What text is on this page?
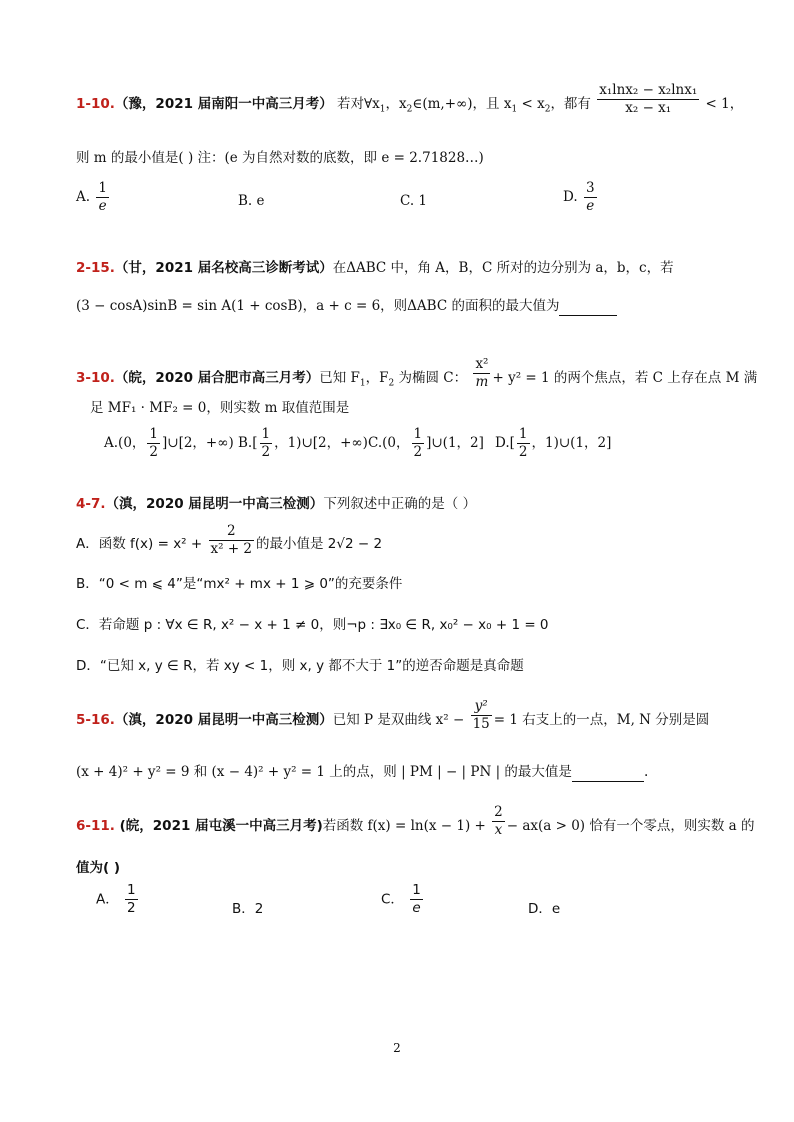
1-10.（豫，2021 届南阳一中高三月考） 若对$\forall x_1$，$x_2\in(m,+\infty)$，且 $x_1 < x_2$，都有 $\frac{\text{x₁lnx₂ − x₂lnx₁}}{\text{x₂ − x₁}} < 1$，
则 m 的最小值是( ) 注：(e 为自然对数的底数，即 e = 2.71828…)
A. $\frac{1}{e}$	B. e	C. 1	D. $\frac{3}{e}$
2-15.（甘，2021 届名校高三诊断考试）在ΔABC 中，角 A，B，C 所对的边分别为 a，b，c，若
(3 − cosA)sinB = sin A(1 + cosB)，a + c = 6，则ΔABC 的面积的最大值为
3-10.（皖，2020 届合肥市高三月考）已知 $F_1$，$F_2$ 为椭圆 C： $\frac{\text{x²}}{m} + y^2 = 1$ 的两个焦点，若 C 上存在点 M 满
足 MF₁ · MF₂ = 0，则实数 m 取值范围是
A.(0， $\frac{1}{2}$ ]∪[2，+∞) $B.[ \frac{1}{2}$ ，1)∪[2，+∞) C.(0， $\frac{1}{2}$ ]∪(1，2] $D.[ \frac{1}{2}$ ，1)∪(1，2]
4-7.（滇，2020 届昆明一中高三检测）下列叙述中正确的是（ ）
A．函数 $f(x) = x^2 + \frac{2}{\text{x² + 2}}$ 的最小值是 2√2 − 2
B．“0 < m ⩽ 4”是“mx² + mx + 1 ⩾ 0”的充要条件
C．若命题 p : ∀x ∈ R, x² − x + 1 ≠ 0，则¬p : ∃x₀ ∈ R, x₀² − x₀ + 1 = 0
D．“已知 x, y ∈ R，若 xy < 1，则 x, y 都不大于 1”的逆否命题是真命题
5-16.（滇，2020 届昆明一中高三检测）已知 P 是双曲线 $x^2 - \frac{\text{y²}}{15} = 1$ 右支上的一点，M, N 分别是圆
(x + 4)² + y² = 9 和 (x − 4)² + y² = 1 上的点，则 | PM | − | PN | 的最大值是	.
6-11. (皖，2021 届屯溪一中高三月考)若函数 $f(x) = \ln(x - 1) + \frac{2}{x} - ax(a > 0)$ 恰有一个零点，则实数 a 的
值为( )
A． $\frac{1}{2}$	B．2
C． $\frac{1}{e}$	D．e
2
